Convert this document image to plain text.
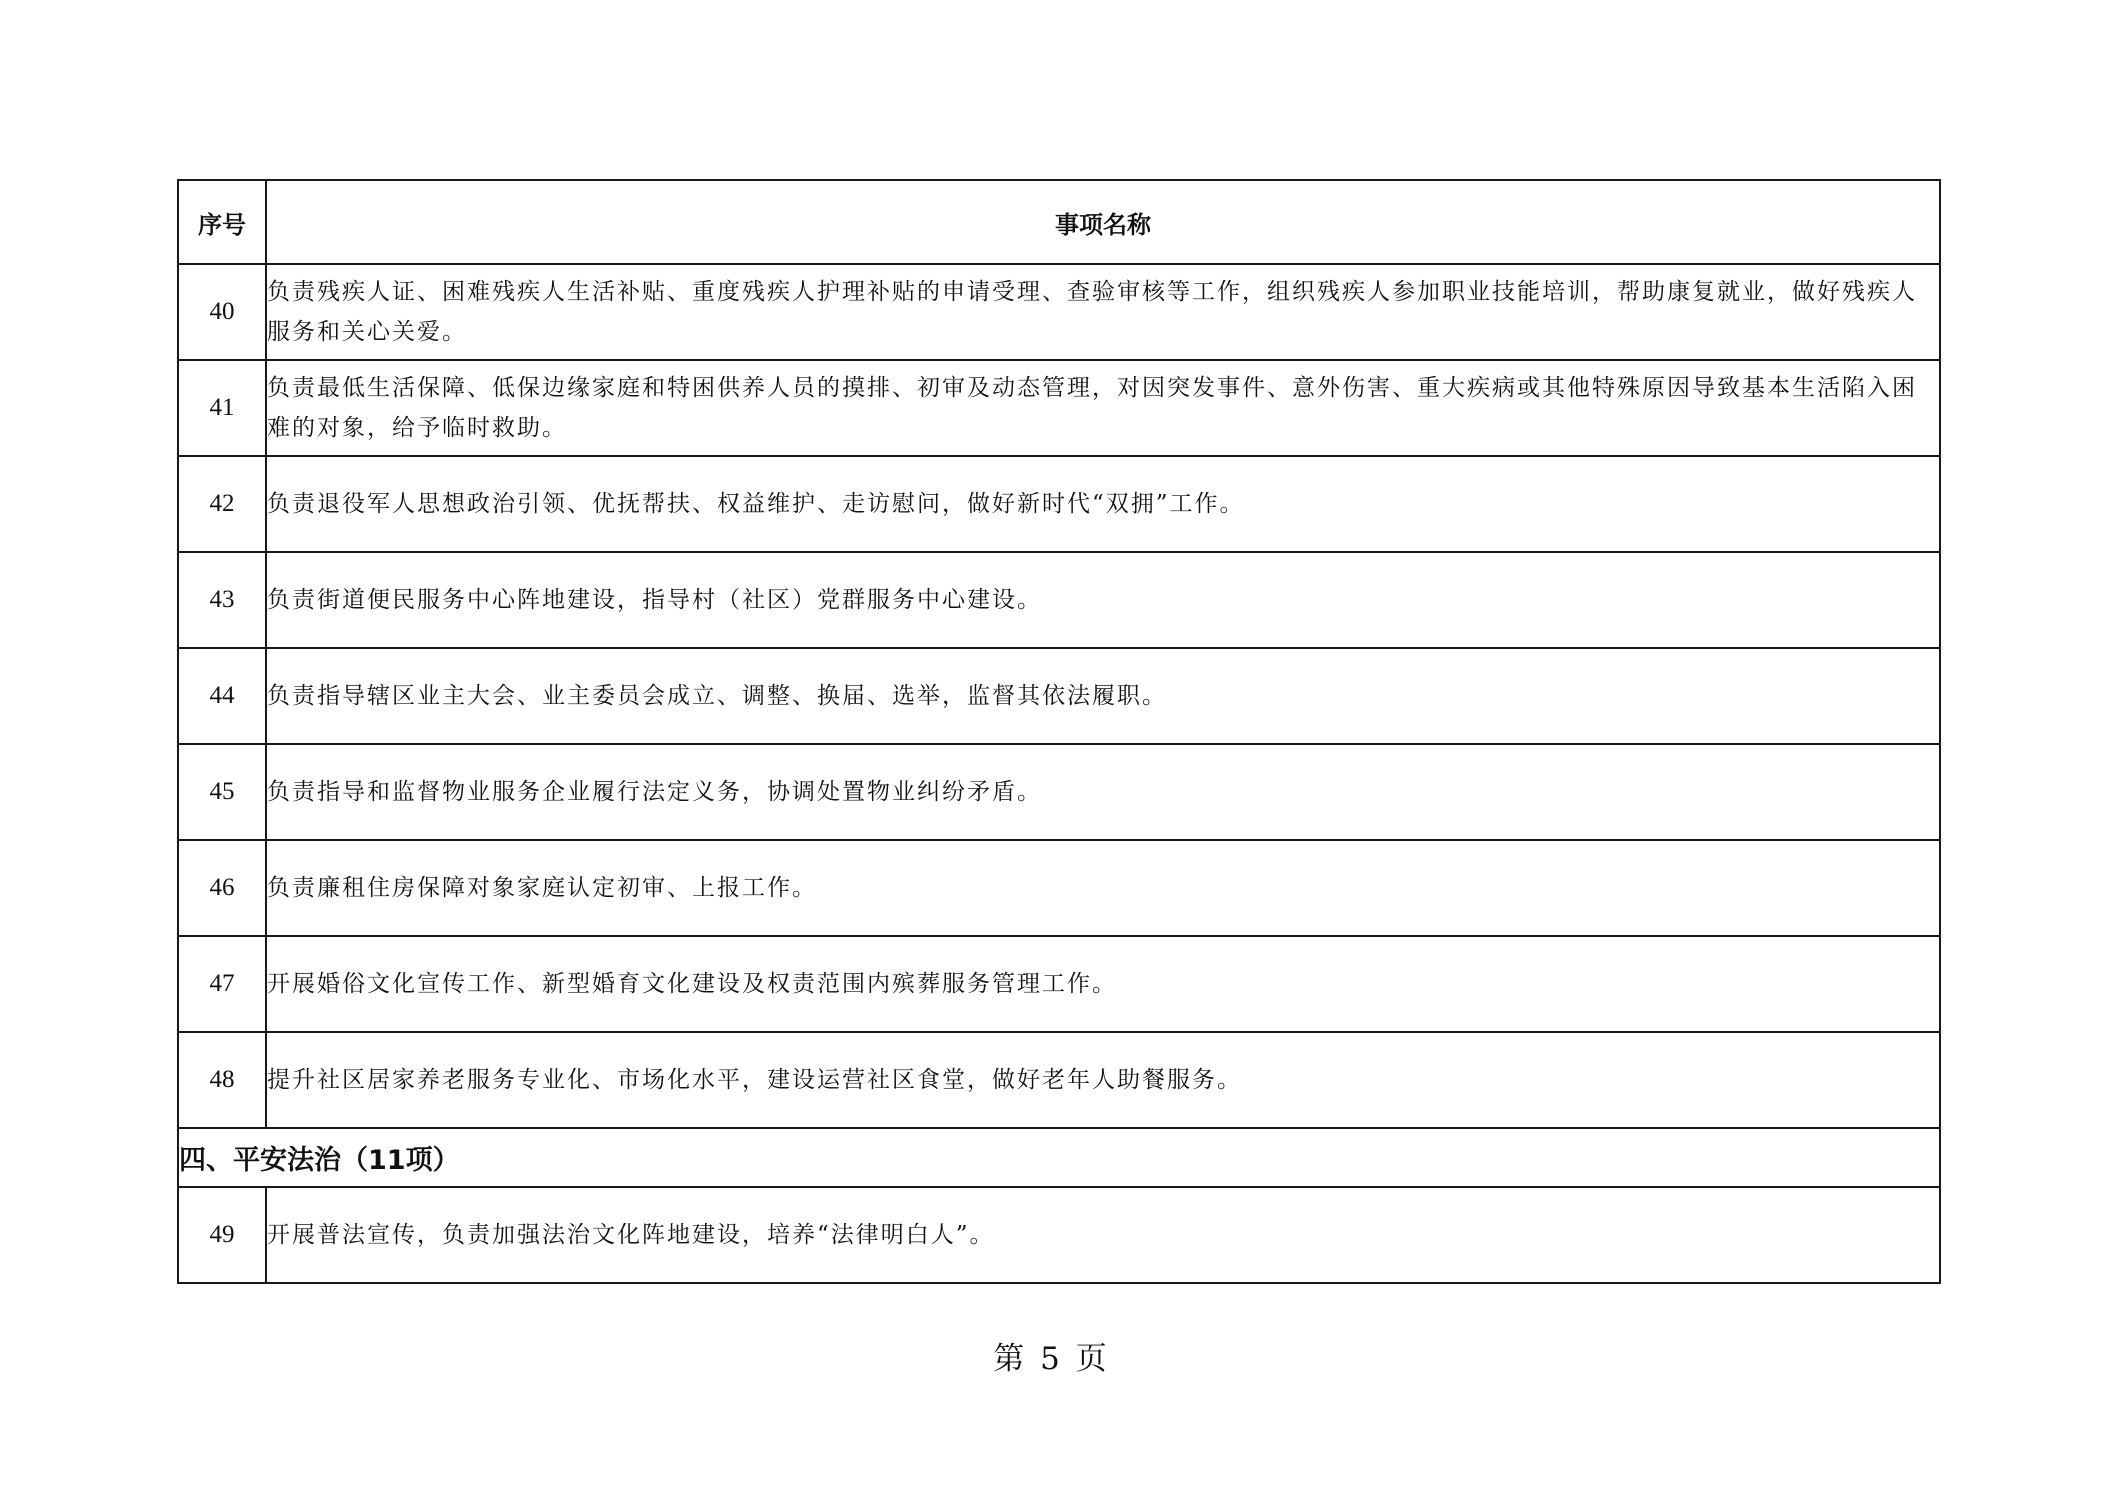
序号	事项名称
40	负责残疾人证、困难残疾人生活补贴、重度残疾人护理补贴的申请受理、查验审核等工作，组织残疾人参加职业技能培训，帮助康复就业，做好残疾人服务和关心关爱。
41	负责最低生活保障、低保边缘家庭和特困供养人员的摸排、初审及动态管理，对因突发事件、意外伤害、重大疾病或其他特殊原因导致基本生活陷入困难的对象，给予临时救助。
42	负责退役军人思想政治引领、优抚帮扶、权益维护、走访慰问，做好新时代“双拥”工作。
43	负责街道便民服务中心阵地建设，指导村（社区）党群服务中心建设。
44	负责指导辖区业主大会、业主委员会成立、调整、换届、选举，监督其依法履职。
45	负责指导和监督物业服务企业履行法定义务，协调处置物业纠纷矛盾。
46	负责廉租住房保障对象家庭认定初审、上报工作。
47	开展婚俗文化宣传工作、新型婚育文化建设及权责范围内殡葬服务管理工作。
48	提升社区居家养老服务专业化、市场化水平，建设运营社区食堂，做好老年人助餐服务。
四、平安法治（11项）	
49	开展普法宣传，负责加强法治文化阵地建设，培养“法律明白人”。
第 5 页
